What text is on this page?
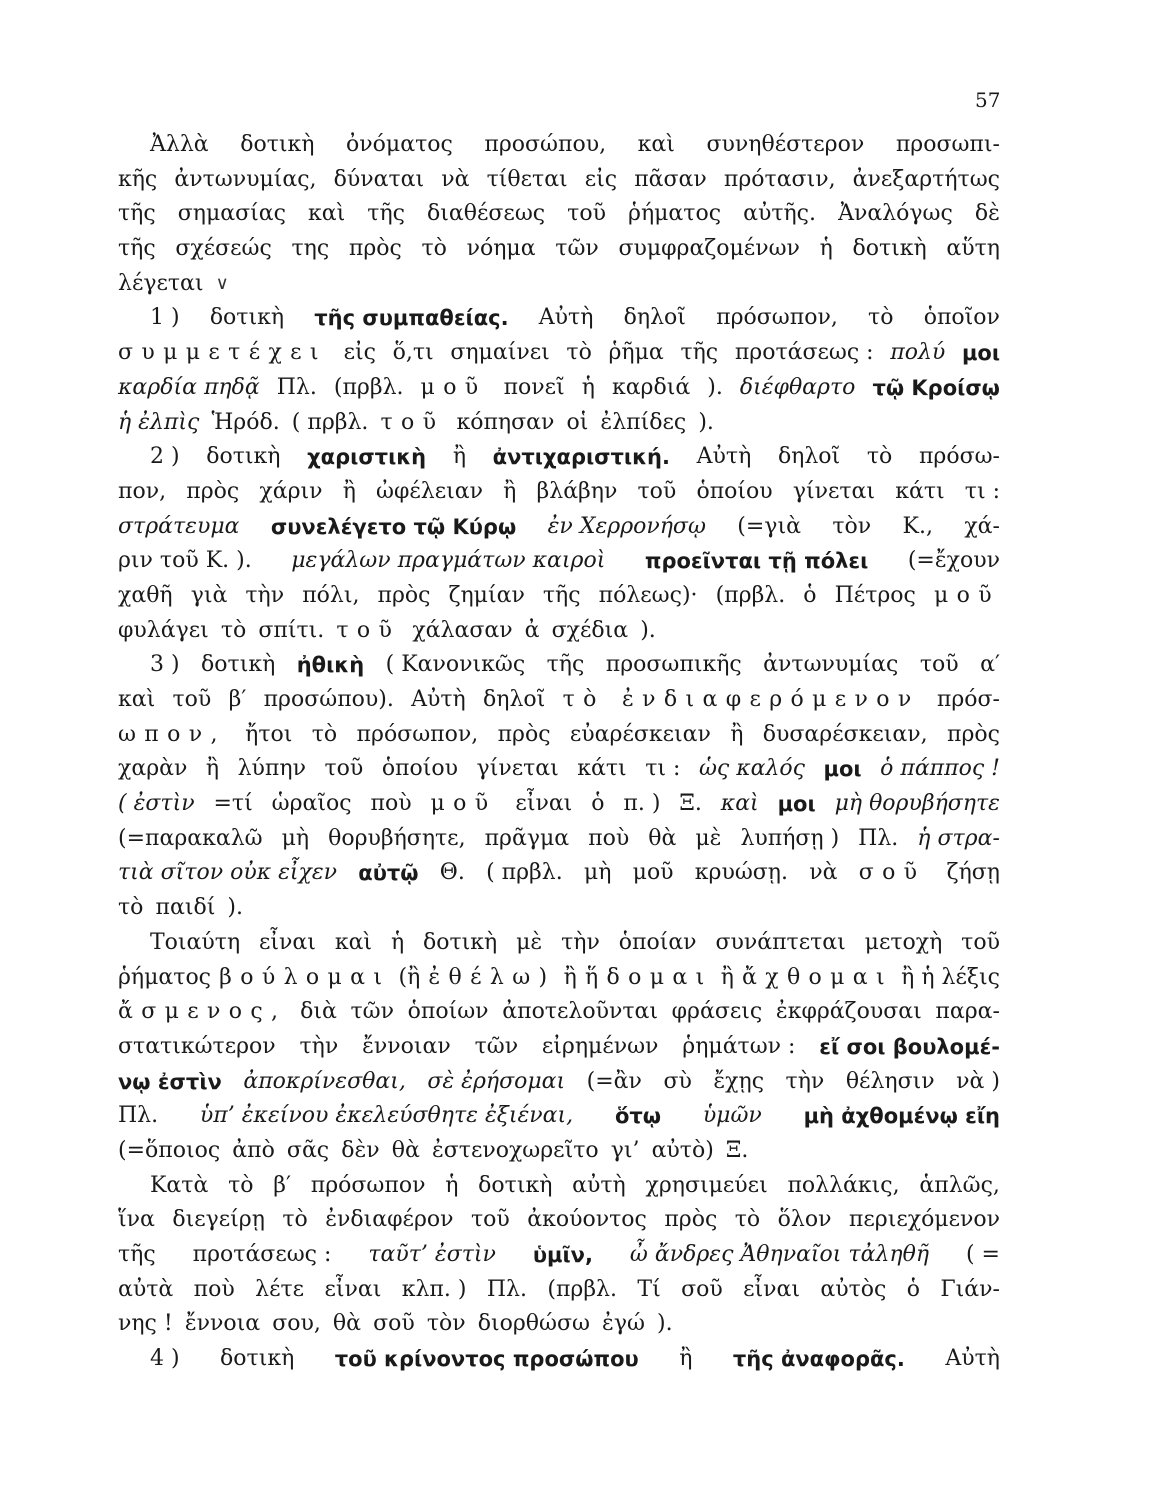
57
Ἀλλὰ δοτικὴ ὀνόματος προσώπου, καὶ συνηθέστερον προσωπι-
κῆς ἀντωνυμίας, δύναται νὰ τίθεται εἰς πᾶσαν πρότασιν, ἀνεξαρτήτως
τῆς σημασίας καὶ τῆς διαθέσεως τοῦ ῥήματος αὐτῆς. Ἀναλόγως δὲ
τῆς σχέσεώς της πρὸς τὸ νόημα τῶν συμφραζομένων ἡ δοτικὴ αὕτη
λέγεται ∨
1 ) δοτικὴ τῆς συμπαθείας. Αὐτὴ δηλοῖ πρόσωπον, τὸ ὁποῖον
συμμετέχει εἰς ὅ,τι σημαίνει τὸ ῥῆμα τῆς προτάσεως : πολύ μοι
καρδία πηδᾷ Πλ. (πρβλ. μοῦ πονεῖ ἡ καρδιά ). διέφθαρτο τῷ Κροίσῳ
ἡ ἐλπὶς Ἡρόδ. ( πρβλ. τοῦ κόπησαν οἱ ἐλπίδες ).
2 ) δοτικὴ χαριστικὴ ἢ ἀντιχαριστική. Αὐτὴ δηλοῖ τὸ πρόσω-
πον, πρὸς χάριν ἢ ὠφέλειαν ἢ βλάβην τοῦ ὁποίου γίνεται κάτι τι :
στράτευμα συνελέγετο τῷ Κύρῳ ἐν Χερρονήσῳ (=γιὰ τὸν Κ., χά-
ριν τοῦ Κ. ). μεγάλων πραγμάτων καιροὶ προεῖνται τῇ πόλει (=ἔχουν
χαθῆ γιὰ τὴν πόλι, πρὸς ζημίαν τῆς πόλεως)· (πρβλ. ὁ Πέτρος μοῦ
φυλάγει τὸ σπίτι. τοῦ χάλασαν ἀ σχέδια ).
3 ) δοτικὴ ἠθικὴ ( Κανονικῶς τῆς προσωπικῆς ἀντωνυμίας τοῦ α′
καὶ τοῦ β′ προσώπου). Αὐτὴ δηλοῖ τὸ ἐνδιαφερόμενον πρόσ-
ωπον, ἤτοι τὸ πρόσωπον, πρὸς εὐαρέσκειαν ἢ δυσαρέσκειαν, πρὸς
χαρὰν ἢ λύπην τοῦ ὁποίου γίνεται κάτι τι : ὡς καλός μοι ὁ πάππος !
( ἐστὶν =τί ὡραῖος ποὺ μοῦ εἶναι ὁ π. ) Ξ. καὶ μοι μὴ θορυβήσητε
(=παρακαλῶ μὴ θορυβήσητε, πρᾶγμα ποὺ θὰ μὲ λυπήσῃ ) Πλ. ἡ στρα-
τιὰ σῖτον οὐκ εἶχεν αὐτῷ Θ. ( πρβλ. μὴ μοῦ κρυώσῃ. νὰ σοῦ ζήσῃ
τὸ παιδί ).
Τοιαύτη εἶναι καὶ ἡ δοτικὴ μὲ τὴν ὁποίαν συνάπτεται μετοχὴ τοῦ
ῥήματος βούλομαι (ἢ ἐθέλω) ἢ ἥδομαι ἢ ἄχθομαι ἢ ἡ λέξις
ἄσμενος, διὰ τῶν ὁποίων ἀποτελοῦνται φράσεις ἐκφράζουσαι παρα-
στατικώτερον τὴν ἔννοιαν τῶν εἰρημένων ῥημάτων : εἴ σοι βουλομέ-
νῳ ἐστὶν ἀποκρίνεσθαι, σὲ ἐρήσομαι (=ἂν σὺ ἔχῃς τὴν θέλησιν νὰ )
Πλ. ὑπ’ ἐκείνου ἐκελεύσθητε ἐξιέναι, ὅτῳ ὑμῶν μὴ ἀχθομένῳ εἴη
(=ὅποιος ἀπὸ σᾶς δὲν θὰ ἐστενοχωρεῖτο γι’ αὐτὸ) Ξ.
Κατὰ τὸ β′ πρόσωπον ἡ δοτικὴ αὐτὴ χρησιμεύει πολλάκις, ἁπλῶς,
ἵνα διεγείρῃ τὸ ἐνδιαφέρον τοῦ ἀκούοντος πρὸς τὸ ὅλον περιεχόμενον
τῆς προτάσεως : ταῦτ’ ἐστὶν ὑμῖν, ὦ ἄνδρες Ἀθηναῖοι τἀληθῆ ( =
αὐτὰ ποὺ λέτε εἶναι κλπ. ) Πλ. (πρβλ. Τί σοῦ εἶναι αὐτὸς ὁ Γιάν-
νης ! ἔννοια σου, θὰ σοῦ τὸν διορθώσω ἐγώ ).
4 ) δοτικὴ τοῦ κρίνοντος προσώπου ἢ τῆς ἀναφορᾶς. Αὐτὴ
